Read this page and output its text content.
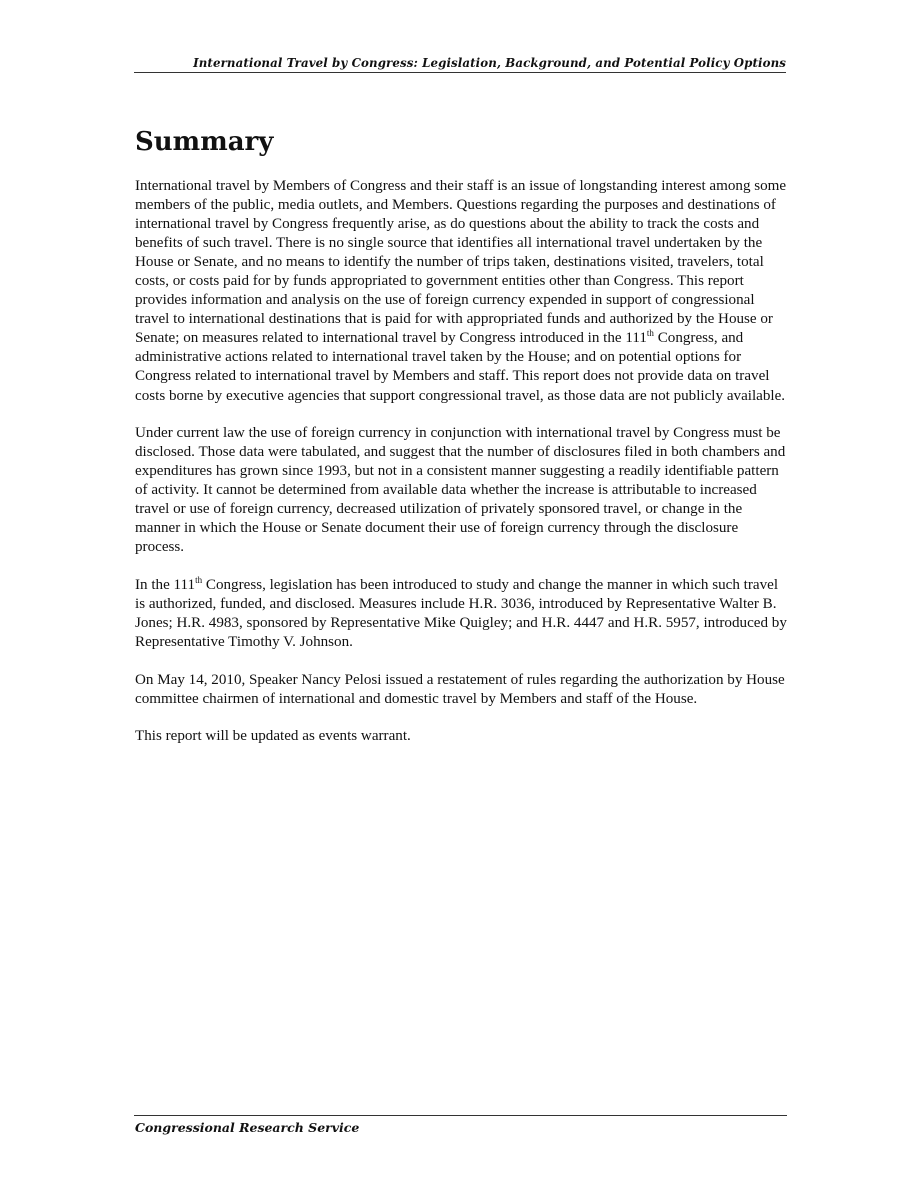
International Travel by Congress: Legislation, Background, and Potential Policy Options
Summary

International travel by Members of Congress and their staff is an issue of longstanding interest among some members of the public, media outlets, and Members. Questions regarding the purposes and destinations of international travel by Congress frequently arise, as do questions about the ability to track the costs and benefits of such travel. There is no single source that identifies all international travel undertaken by the House or Senate, and no means to identify the number of trips taken, destinations visited, travelers, total costs, or costs paid for by funds appropriated to government entities other than Congress. This report provides information and analysis on the use of foreign currency expended in support of congressional travel to international destinations that is paid for with appropriated funds and authorized by the House or Senate; on measures related to international travel by Congress introduced in the 111th Congress, and administrative actions related to international travel taken by the House; and on potential options for Congress related to international travel by Members and staff. This report does not provide data on travel costs borne by executive agencies that support congressional travel, as those data are not publicly available.

Under current law the use of foreign currency in conjunction with international travel by Congress must be disclosed. Those data were tabulated, and suggest that the number of disclosures filed in both chambers and expenditures has grown since 1993, but not in a consistent manner suggesting a readily identifiable pattern of activity. It cannot be determined from available data whether the increase is attributable to increased travel or use of foreign currency, decreased utilization of privately sponsored travel, or change in the manner in which the House or Senate document their use of foreign currency through the disclosure process.

In the 111th Congress, legislation has been introduced to study and change the manner in which such travel is authorized, funded, and disclosed. Measures include H.R. 3036, introduced by Representative Walter B. Jones; H.R. 4983, sponsored by Representative Mike Quigley; and H.R. 4447 and H.R. 5957, introduced by Representative Timothy V. Johnson.

On May 14, 2010, Speaker Nancy Pelosi issued a restatement of rules regarding the authorization by House committee chairmen of international and domestic travel by Members and staff of the House.

This report will be updated as events warrant.

Congressional Research Service
